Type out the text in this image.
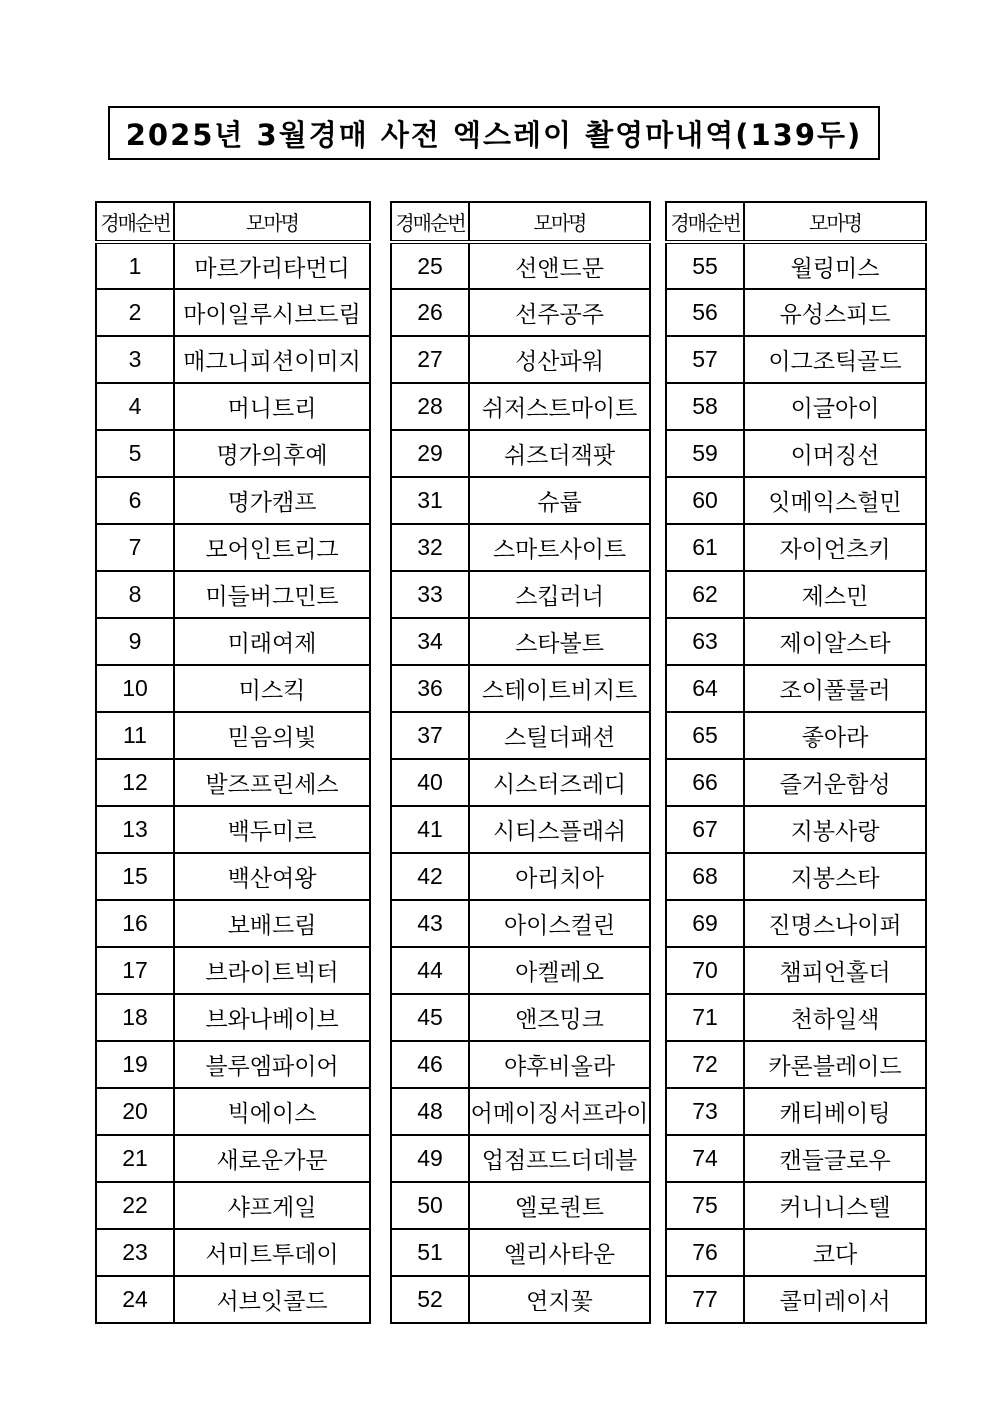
2025년 3월경매 사전 엑스레이 촬영마내역(139두)
경매순번	모마명
1	마르가리타먼디
2	마이일루시브드림
3	매그니피션이미지
4	머니트리
5	명가의후예
6	명가캠프
7	모어인트리그
8	미들버그민트
9	미래여제
10	미스킥
11	믿음의빛
12	발즈프린세스
13	백두미르
15	백산여왕
16	보배드림
17	브라이트빅터
18	브와나베이브
19	블루엠파이어
20	빅에이스
21	새로운가문
22	샤프게일
23	서미트투데이
24	서브잇콜드
경매순번	모마명
25	선앤드문
26	선주공주
27	성산파워
28	쉬저스트마이트
29	쉬즈더잭팟
31	슈룹
32	스마트사이트
33	스킵러너
34	스타볼트
36	스테이트비지트
37	스틸더패션
40	시스터즈레디
41	시티스플래쉬
42	아리치아
43	아이스컬린
44	아켈레오
45	앤즈밍크
46	야후비올라
48	어메이징서프라이
49	업점프드더데블
50	엘로퀀트
51	엘리사타운
52	연지꽃
경매순번	모마명
55	월링미스
56	유성스피드
57	이그조틱골드
58	이글아이
59	이머징선
60	잇메익스헐민
61	자이언츠키
62	제스민
63	제이알스타
64	조이풀룰러
65	좋아라
66	즐거운함성
67	지봉사랑
68	지봉스타
69	진명스나이퍼
70	챔피언홀더
71	천하일색
72	카론블레이드
73	캐티베이팅
74	캔들글로우
75	커니니스텔
76	코다
77	콜미레이서
